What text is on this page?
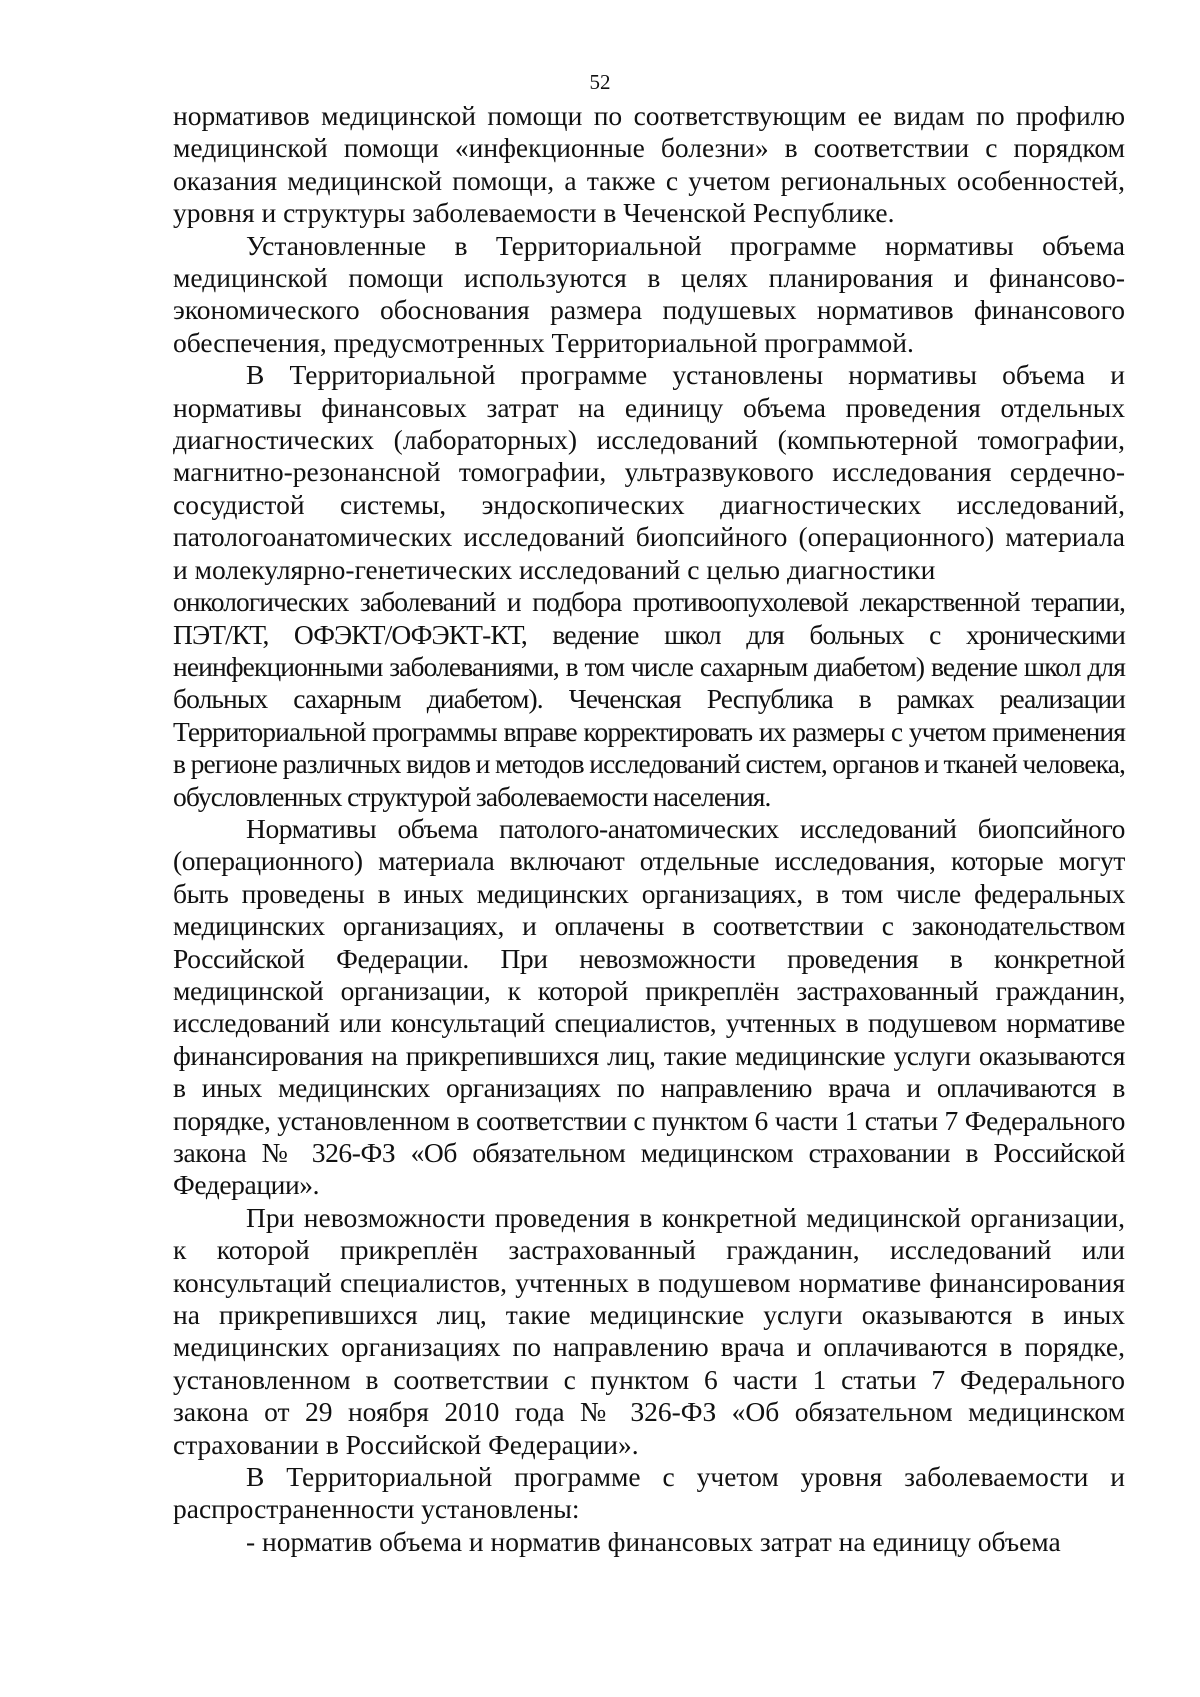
52

нормативов медицинской помощи по соответствующим ее видам по профилю медицинской помощи «инфекционные болезни» в соответствии с порядком оказания медицинской помощи, а также с учетом региональных особенностей, уровня и структуры заболеваемости в Чеченской Республике.

Установленные в Территориальной программе нормативы объема медицинской помощи используются в целях планирования и финансово-экономического обоснования размера подушевых нормативов финансового обеспечения, предусмотренных Территориальной программой.

В Территориальной программе установлены нормативы объема и нормативы финансовых затрат на единицу объема проведения отдельных диагностических (лабораторных) исследований (компьютерной томографии, магнитно-резонансной томографии, ультразвукового исследования сердечно-сосудистой системы, эндоскопических диагностических исследований, патологоанатомических исследований биопсийного (операционного) материала и молекулярно-генетических исследований с целью диагностики

онкологических заболеваний и подбора противоопухолевой лекарственной терапии, ПЭТ/КТ, ОФЭКТ/ОФЭКТ-КТ, ведение школ для больных с хроническими неинфекционными заболеваниями, в том числе сахарным диабетом) ведение школ для больных сахарным диабетом). Чеченская Республика в рамках реализации Территориальной программы вправе корректировать их размеры с учетом применения в регионе различных видов и методов исследований систем, органов и тканей человека, обусловленных структурой заболеваемости населения.

Нормативы объема патолого-анатомических исследований биопсийного (операционного) материала включают отдельные исследования, которые могут быть проведены в иных медицинских организациях, в том числе федеральных медицинских организациях, и оплачены в соответствии с законодательством Российской Федерации. При невозможности проведения в конкретной медицинской организации, к которой прикреплён застрахованный гражданин, исследований или консультаций специалистов, учтенных в подушевом нормативе финансирования на прикрепившихся лиц, такие медицинские услуги оказываются в иных медицинских организациях по направлению врача и оплачиваются в порядке, установленном в соответствии с пунктом 6 части 1 статьи 7 Федерального закона № 326-ФЗ «Об обязательном медицинском страховании в Российской Федерации».

При невозможности проведения в конкретной медицинской организации, к которой прикреплён застрахованный гражданин, исследований или консультаций специалистов, учтенных в подушевом нормативе финансирования на прикрепившихся лиц, такие медицинские услуги оказываются в иных медицинских организациях по направлению врача и оплачиваются в порядке, установленном в соответствии с пунктом 6 части 1 статьи 7 Федерального закона от 29 ноября 2010 года № 326-ФЗ «Об обязательном медицинском страховании в Российской Федерации».

В Территориальной программе с учетом уровня заболеваемости и распространенности установлены:

- норматив объема и норматив финансовых затрат на единицу объема
